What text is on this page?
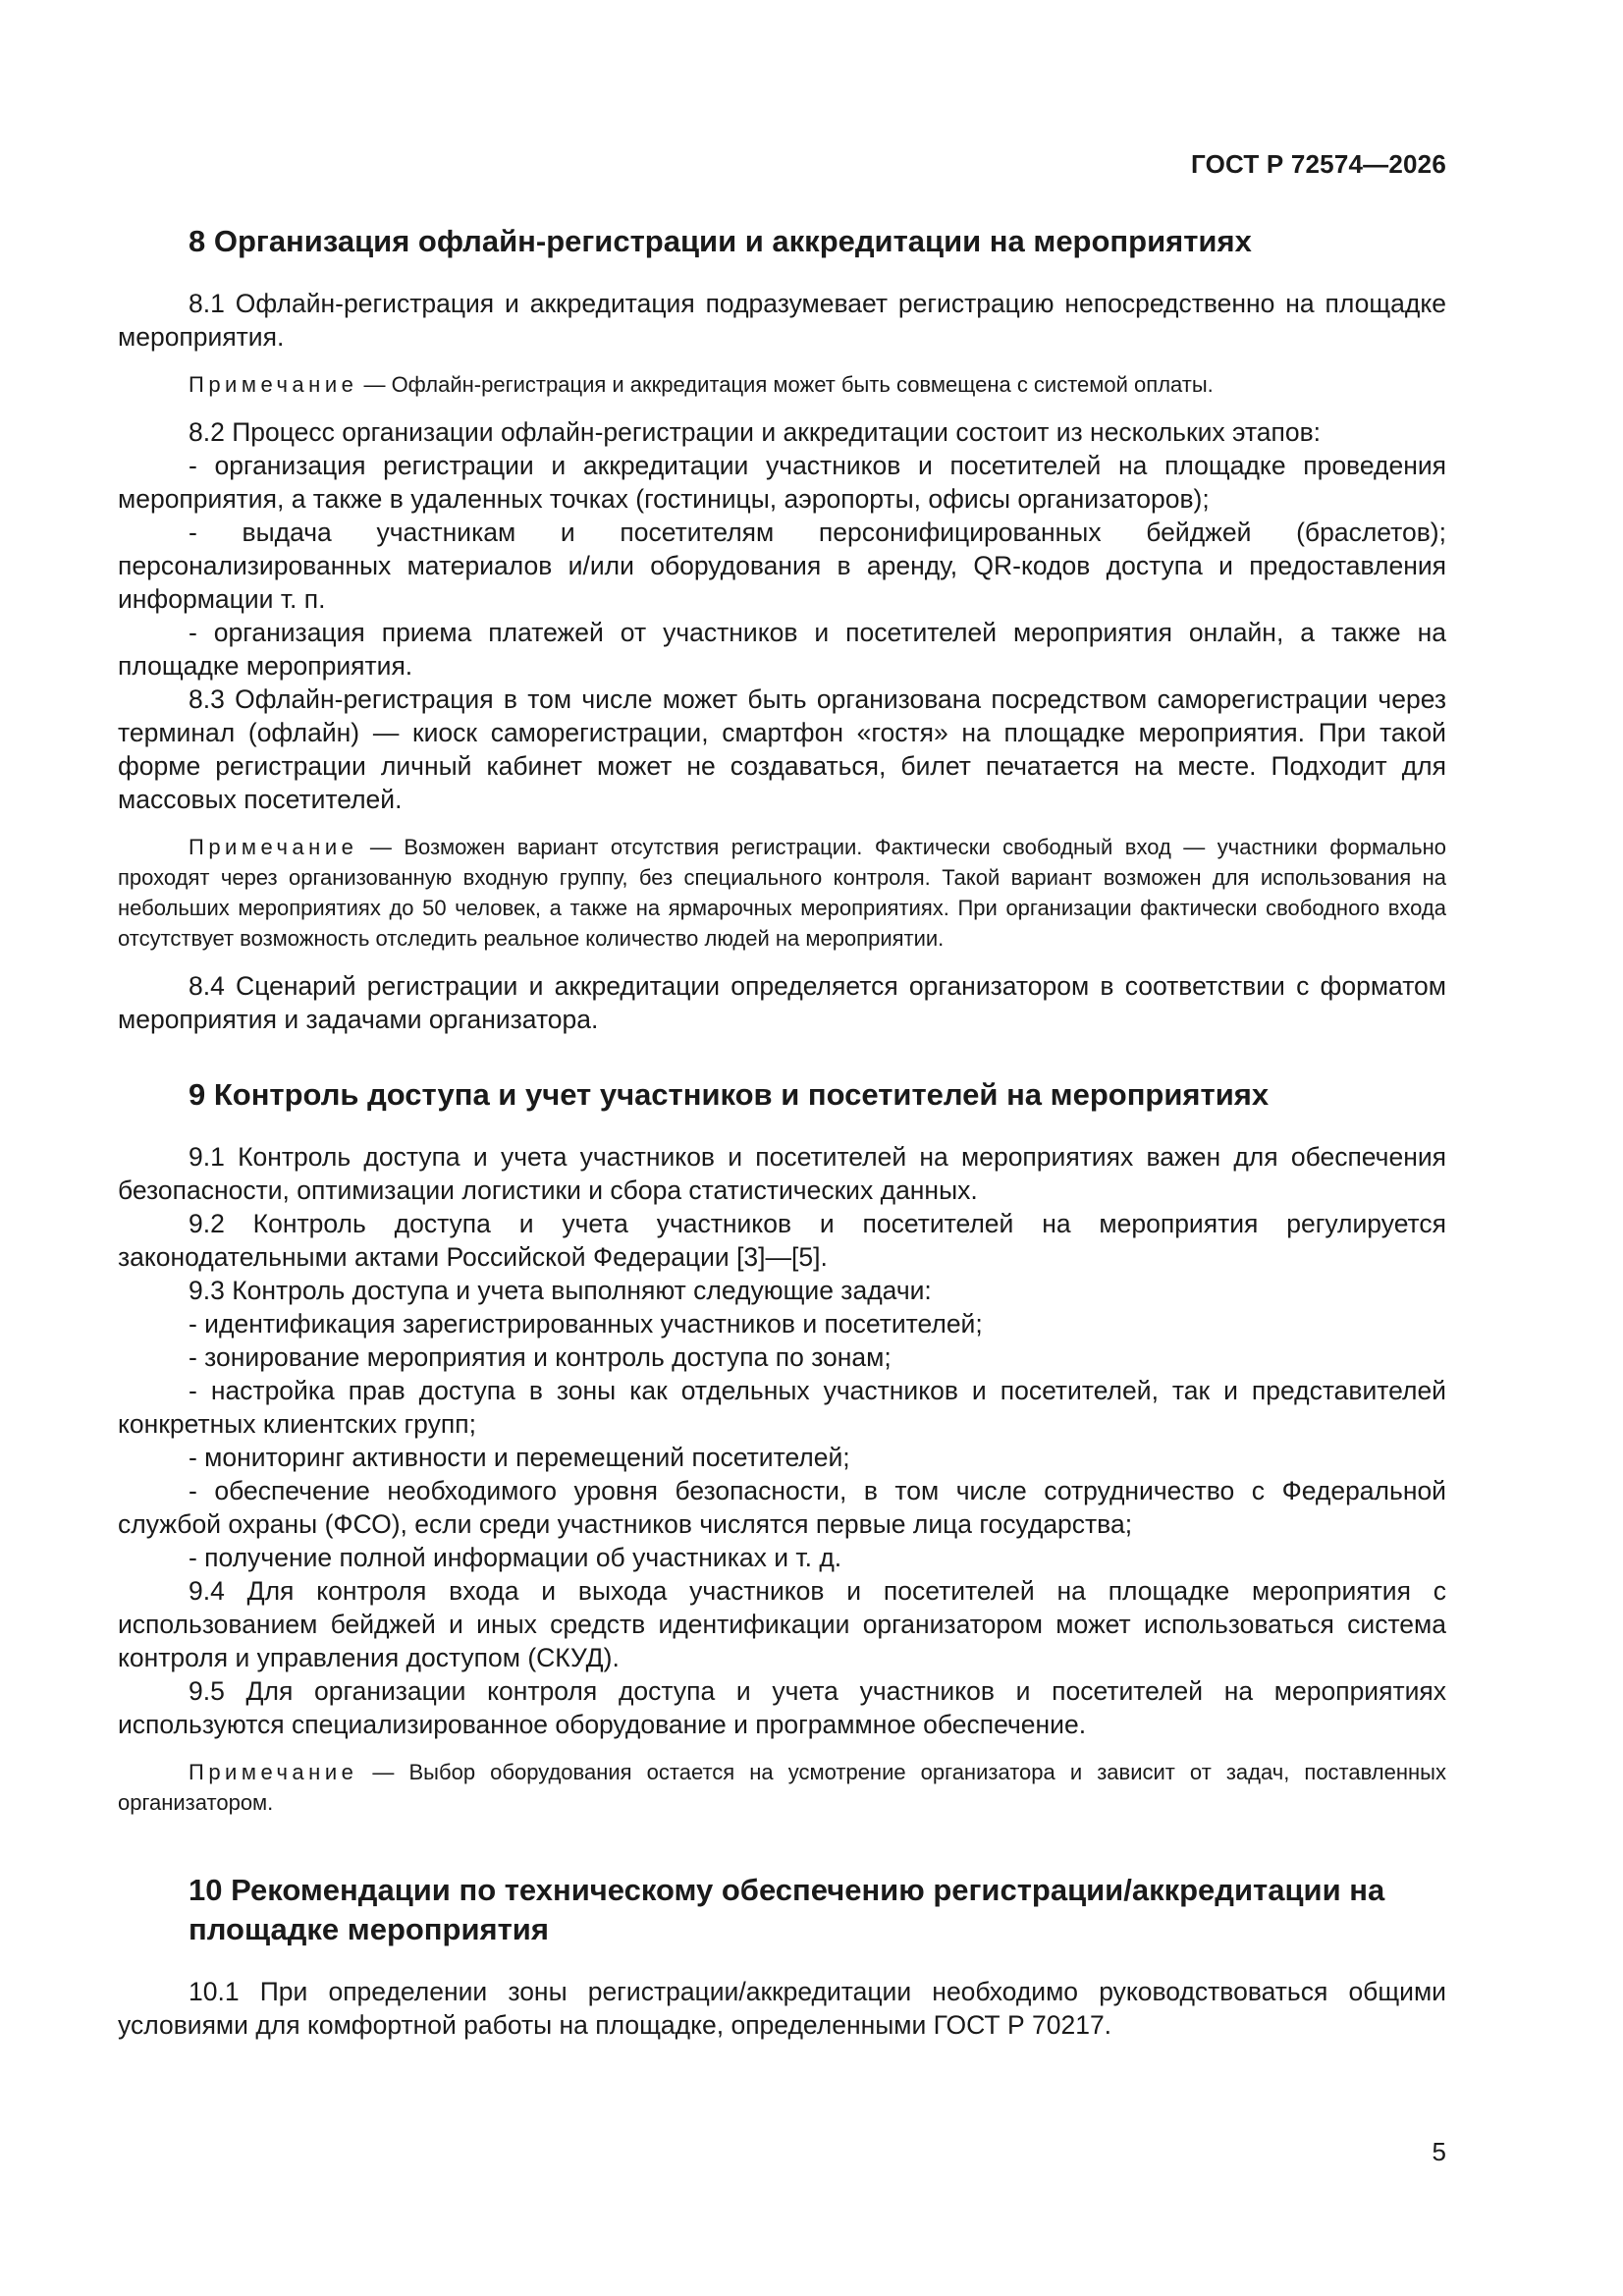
ГОСТ Р 72574—2026
8 Организация офлайн-регистрации и аккредитации на мероприятиях

8.1 Офлайн-регистрация и аккредитация подразумевает регистрацию непосредственно на площадке мероприятия.

Примечание — Офлайн-регистрация и аккредитация может быть совмещена с системой оплаты.

8.2 Процесс организации офлайн-регистрации и аккредитации состоит из нескольких этапов:

- организация регистрации и аккредитации участников и посетителей на площадке проведения мероприятия, а также в удаленных точках (гостиницы, аэропорты, офисы организаторов);

- выдача участникам и посетителям персонифицированных бейджей (браслетов); персонализированных материалов и/или оборудования в аренду, QR-кодов доступа и предоставления информации т. п.

- организация приема платежей от участников и посетителей мероприятия онлайн, а также на площадке мероприятия.

8.3 Офлайн-регистрация в том числе может быть организована посредством саморегистрации через терминал (офлайн) — киоск саморегистрации, смартфон «гостя» на площадке мероприятия. При такой форме регистрации личный кабинет может не создаваться, билет печатается на месте. Подходит для массовых посетителей.

Примечание — Возможен вариант отсутствия регистрации. Фактически свободный вход — участники формально проходят через организованную входную группу, без специального контроля. Такой вариант возможен для использования на небольших мероприятиях до 50 человек, а также на ярмарочных мероприятиях. При организации фактически свободного входа отсутствует возможность отследить реальное количество людей на мероприятии.

8.4 Сценарий регистрации и аккредитации определяется организатором в соответствии с форматом мероприятия и задачами организатора.

9 Контроль доступа и учет участников и посетителей на мероприятиях

9.1 Контроль доступа и учета участников и посетителей на мероприятиях важен для обеспечения безопасности, оптимизации логистики и сбора статистических данных.

9.2 Контроль доступа и учета участников и посетителей на мероприятия регулируется законодательными актами Российской Федерации [3]—[5].

9.3 Контроль доступа и учета выполняют следующие задачи:

- идентификация зарегистрированных участников и посетителей;

- зонирование мероприятия и контроль доступа по зонам;

- настройка прав доступа в зоны как отдельных участников и посетителей, так и представителей конкретных клиентских групп;

- мониторинг активности и перемещений посетителей;

- обеспечение необходимого уровня безопасности, в том числе сотрудничество с Федеральной службой охраны (ФСО), если среди участников числятся первые лица государства;

- получение полной информации об участниках и т. д.

9.4 Для контроля входа и выхода участников и посетителей на площадке мероприятия с использованием бейджей и иных средств идентификации организатором может использоваться система контроля и управления доступом (СКУД).

9.5 Для организации контроля доступа и учета участников и посетителей на мероприятиях используются специализированное оборудование и программное обеспечение.

Примечание — Выбор оборудования остается на усмотрение организатора и зависит от задач, поставленных организатором.

10 Рекомендации по техническому обеспечению регистрации/аккредитации на площадке мероприятия

10.1 При определении зоны регистрации/аккредитации необходимо руководствоваться общими условиями для комфортной работы на площадке, определенными ГОСТ Р 70217.

5
